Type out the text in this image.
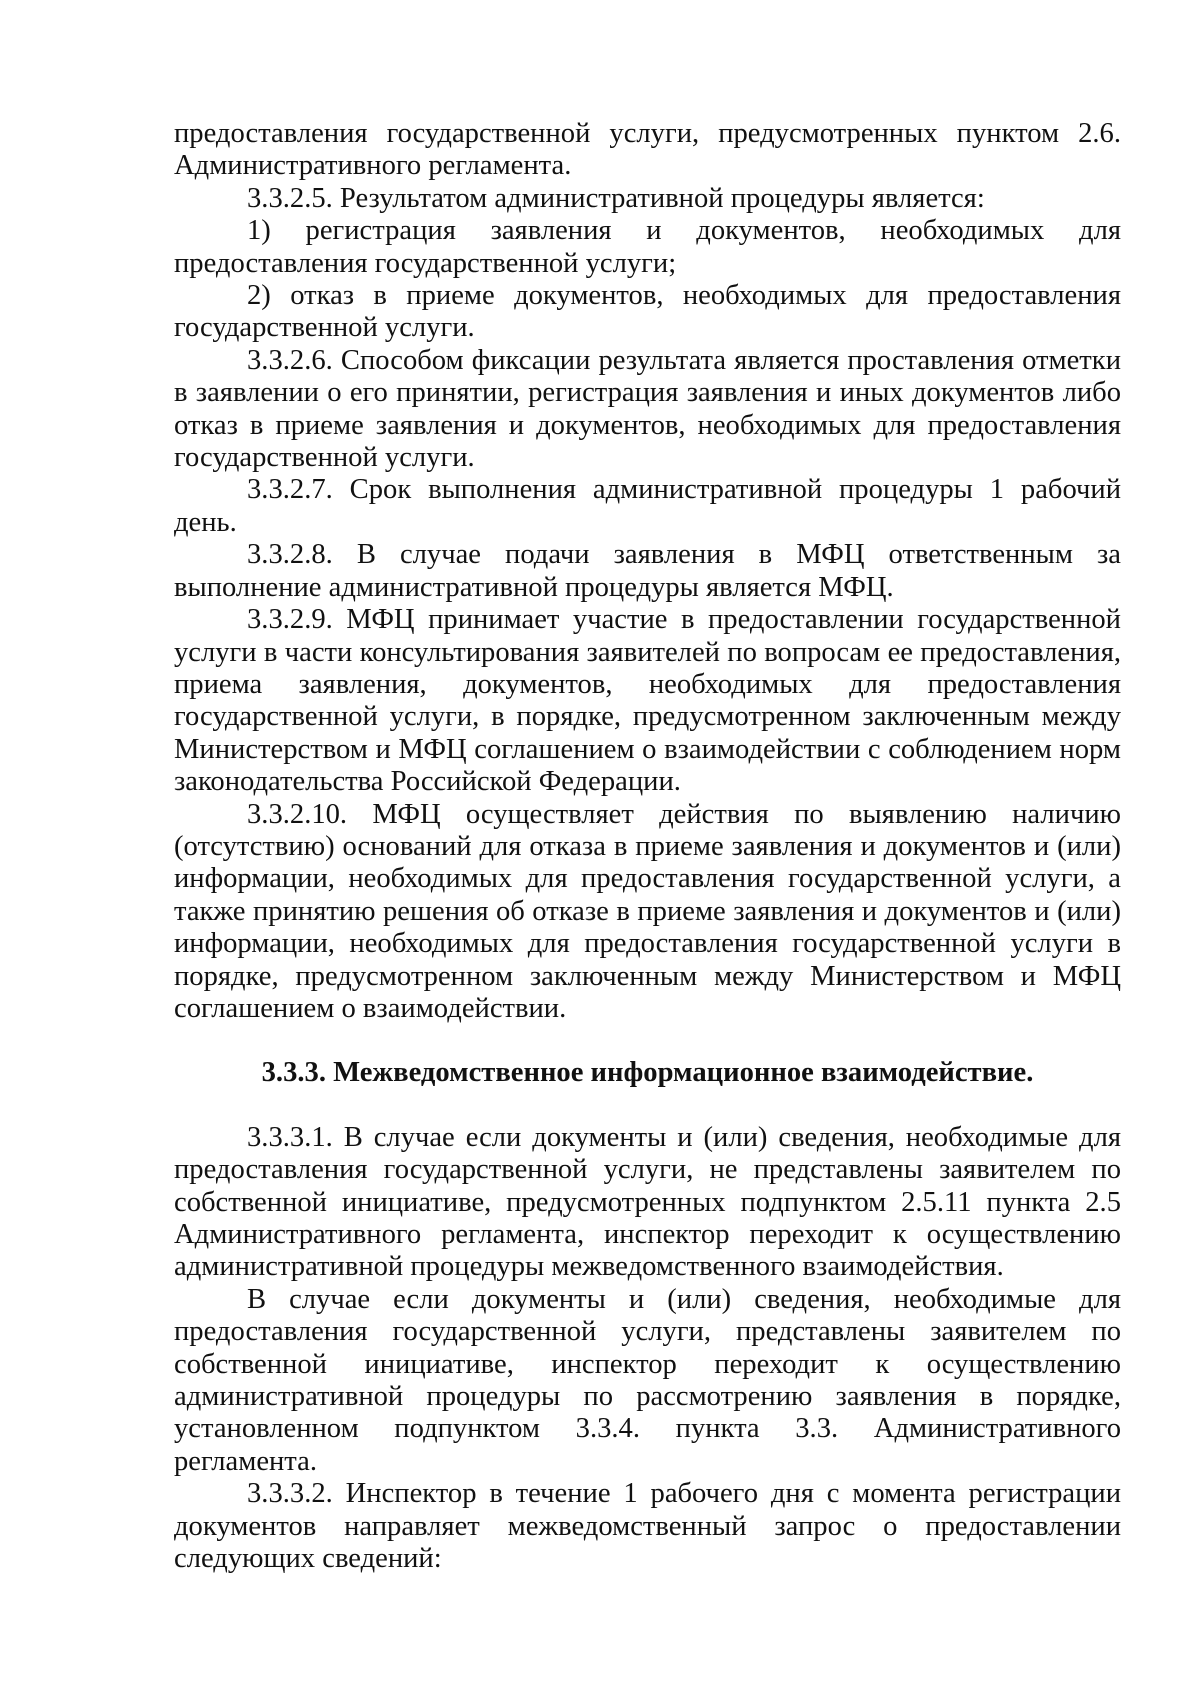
предоставления государственной услуги, предусмотренных пунктом 2.6. Административного регламента.

3.3.2.5. Результатом административной процедуры является:

1) регистрация заявления и документов, необходимых для предоставления государственной услуги;

2) отказ в приеме документов, необходимых для предоставления государственной услуги.

3.3.2.6. Способом фиксации результата является проставления отметки в заявлении о его принятии, регистрация заявления и иных документов либо отказ в приеме заявления и документов, необходимых для предоставления государственной услуги.

3.3.2.7. Срок выполнения административной процедуры 1 рабочий день.

3.3.2.8. В случае подачи заявления в МФЦ ответственным за выполнение административной процедуры является МФЦ.

3.3.2.9. МФЦ принимает участие в предоставлении государственной услуги в части консультирования заявителей по вопросам ее предоставления, приема заявления, документов, необходимых для предоставления государственной услуги, в порядке, предусмотренном заключенным между Министерством и МФЦ соглашением о взаимодействии с соблюдением норм законодательства Российской Федерации.

3.3.2.10. МФЦ осуществляет действия по выявлению наличию (отсутствию) оснований для отказа в приеме заявления и документов и (или) информации, необходимых для предоставления государственной услуги, а также принятию решения об отказе в приеме заявления и документов и (или) информации, необходимых для предоставления государственной услуги в порядке, предусмотренном заключенным между Министерством и МФЦ соглашением о взаимодействии.

3.3.3. Межведомственное информационное взаимодействие.

3.3.3.1. В случае если документы и (или) сведения, необходимые для предоставления государственной услуги, не представлены заявителем по собственной инициативе, предусмотренных подпунктом 2.5.11 пункта 2.5 Административного регламента, инспектор переходит к осуществлению административной процедуры межведомственного взаимодействия.

В случае если документы и (или) сведения, необходимые для предоставления государственной услуги, представлены заявителем по собственной инициативе, инспектор переходит к осуществлению административной процедуры по рассмотрению заявления в порядке, установленном подпунктом 3.3.4. пункта 3.3. Административного регламента.

3.3.3.2. Инспектор в течение 1 рабочего дня с момента регистрации документов направляет межведомственный запрос о предоставлении следующих сведений:
